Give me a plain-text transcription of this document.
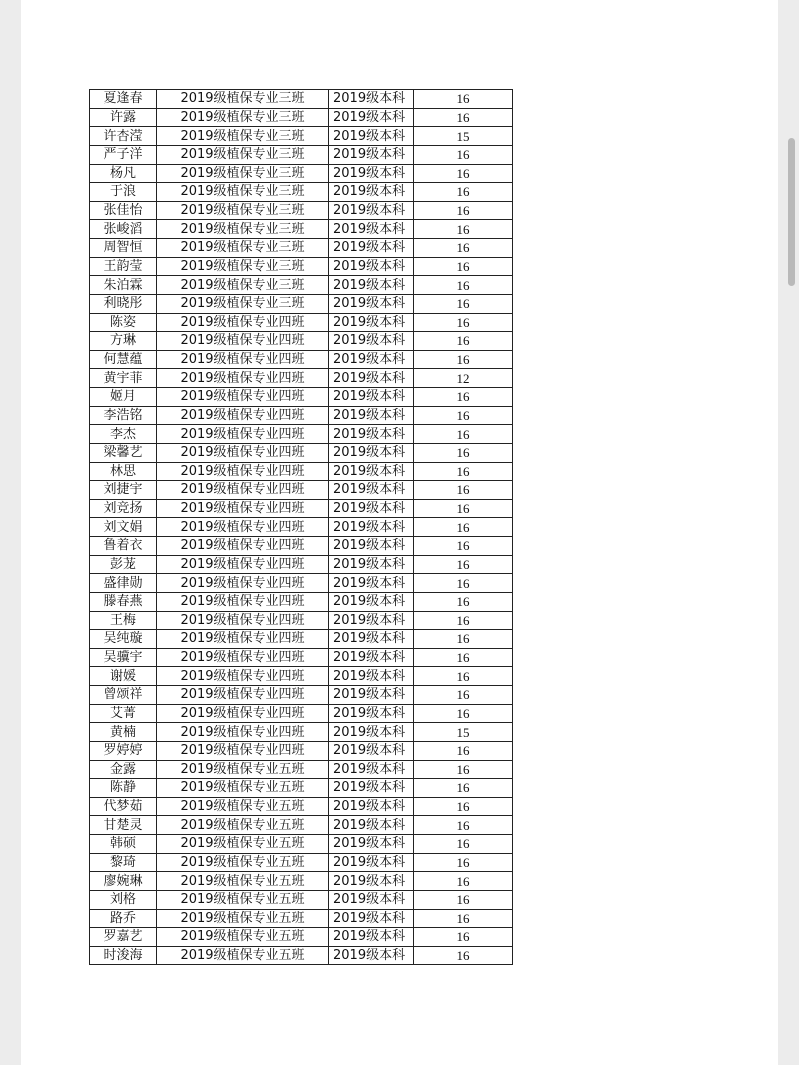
夏逢春	2019级植保专业三班	2019级本科	16
许露	2019级植保专业三班	2019级本科	16
许杏滢	2019级植保专业三班	2019级本科	15
严子洋	2019级植保专业三班	2019级本科	16
杨凡	2019级植保专业三班	2019级本科	16
于浪	2019级植保专业三班	2019级本科	16
张佳怡	2019级植保专业三班	2019级本科	16
张峻滔	2019级植保专业三班	2019级本科	16
周智恒	2019级植保专业三班	2019级本科	16
王韵莹	2019级植保专业三班	2019级本科	16
朱泊霖	2019级植保专业三班	2019级本科	16
利晓彤	2019级植保专业三班	2019级本科	16
陈姿	2019级植保专业四班	2019级本科	16
方琳	2019级植保专业四班	2019级本科	16
何慧蕴	2019级植保专业四班	2019级本科	16
黄宇菲	2019级植保专业四班	2019级本科	12
姬月	2019级植保专业四班	2019级本科	16
李浩铭	2019级植保专业四班	2019级本科	16
李杰	2019级植保专业四班	2019级本科	16
梁馨艺	2019级植保专业四班	2019级本科	16
林思	2019级植保专业四班	2019级本科	16
刘捷宇	2019级植保专业四班	2019级本科	16
刘竞扬	2019级植保专业四班	2019级本科	16
刘文娟	2019级植保专业四班	2019级本科	16
鲁着衣	2019级植保专业四班	2019级本科	16
彭茏	2019级植保专业四班	2019级本科	16
盛律勋	2019级植保专业四班	2019级本科	16
滕春燕	2019级植保专业四班	2019级本科	16
王梅	2019级植保专业四班	2019级本科	16
吴纯璇	2019级植保专业四班	2019级本科	16
吴骥宇	2019级植保专业四班	2019级本科	16
谢媛	2019级植保专业四班	2019级本科	16
曾颂祥	2019级植保专业四班	2019级本科	16
艾菁	2019级植保专业四班	2019级本科	16
黄楠	2019级植保专业四班	2019级本科	15
罗婷婷	2019级植保专业四班	2019级本科	16
金露	2019级植保专业五班	2019级本科	16
陈静	2019级植保专业五班	2019级本科	16
代梦茹	2019级植保专业五班	2019级本科	16
甘楚灵	2019级植保专业五班	2019级本科	16
韩硕	2019级植保专业五班	2019级本科	16
黎琦	2019级植保专业五班	2019级本科	16
廖婉琳	2019级植保专业五班	2019级本科	16
刘格	2019级植保专业五班	2019级本科	16
路乔	2019级植保专业五班	2019级本科	16
罗嘉艺	2019级植保专业五班	2019级本科	16
时浚海	2019级植保专业五班	2019级本科	16
